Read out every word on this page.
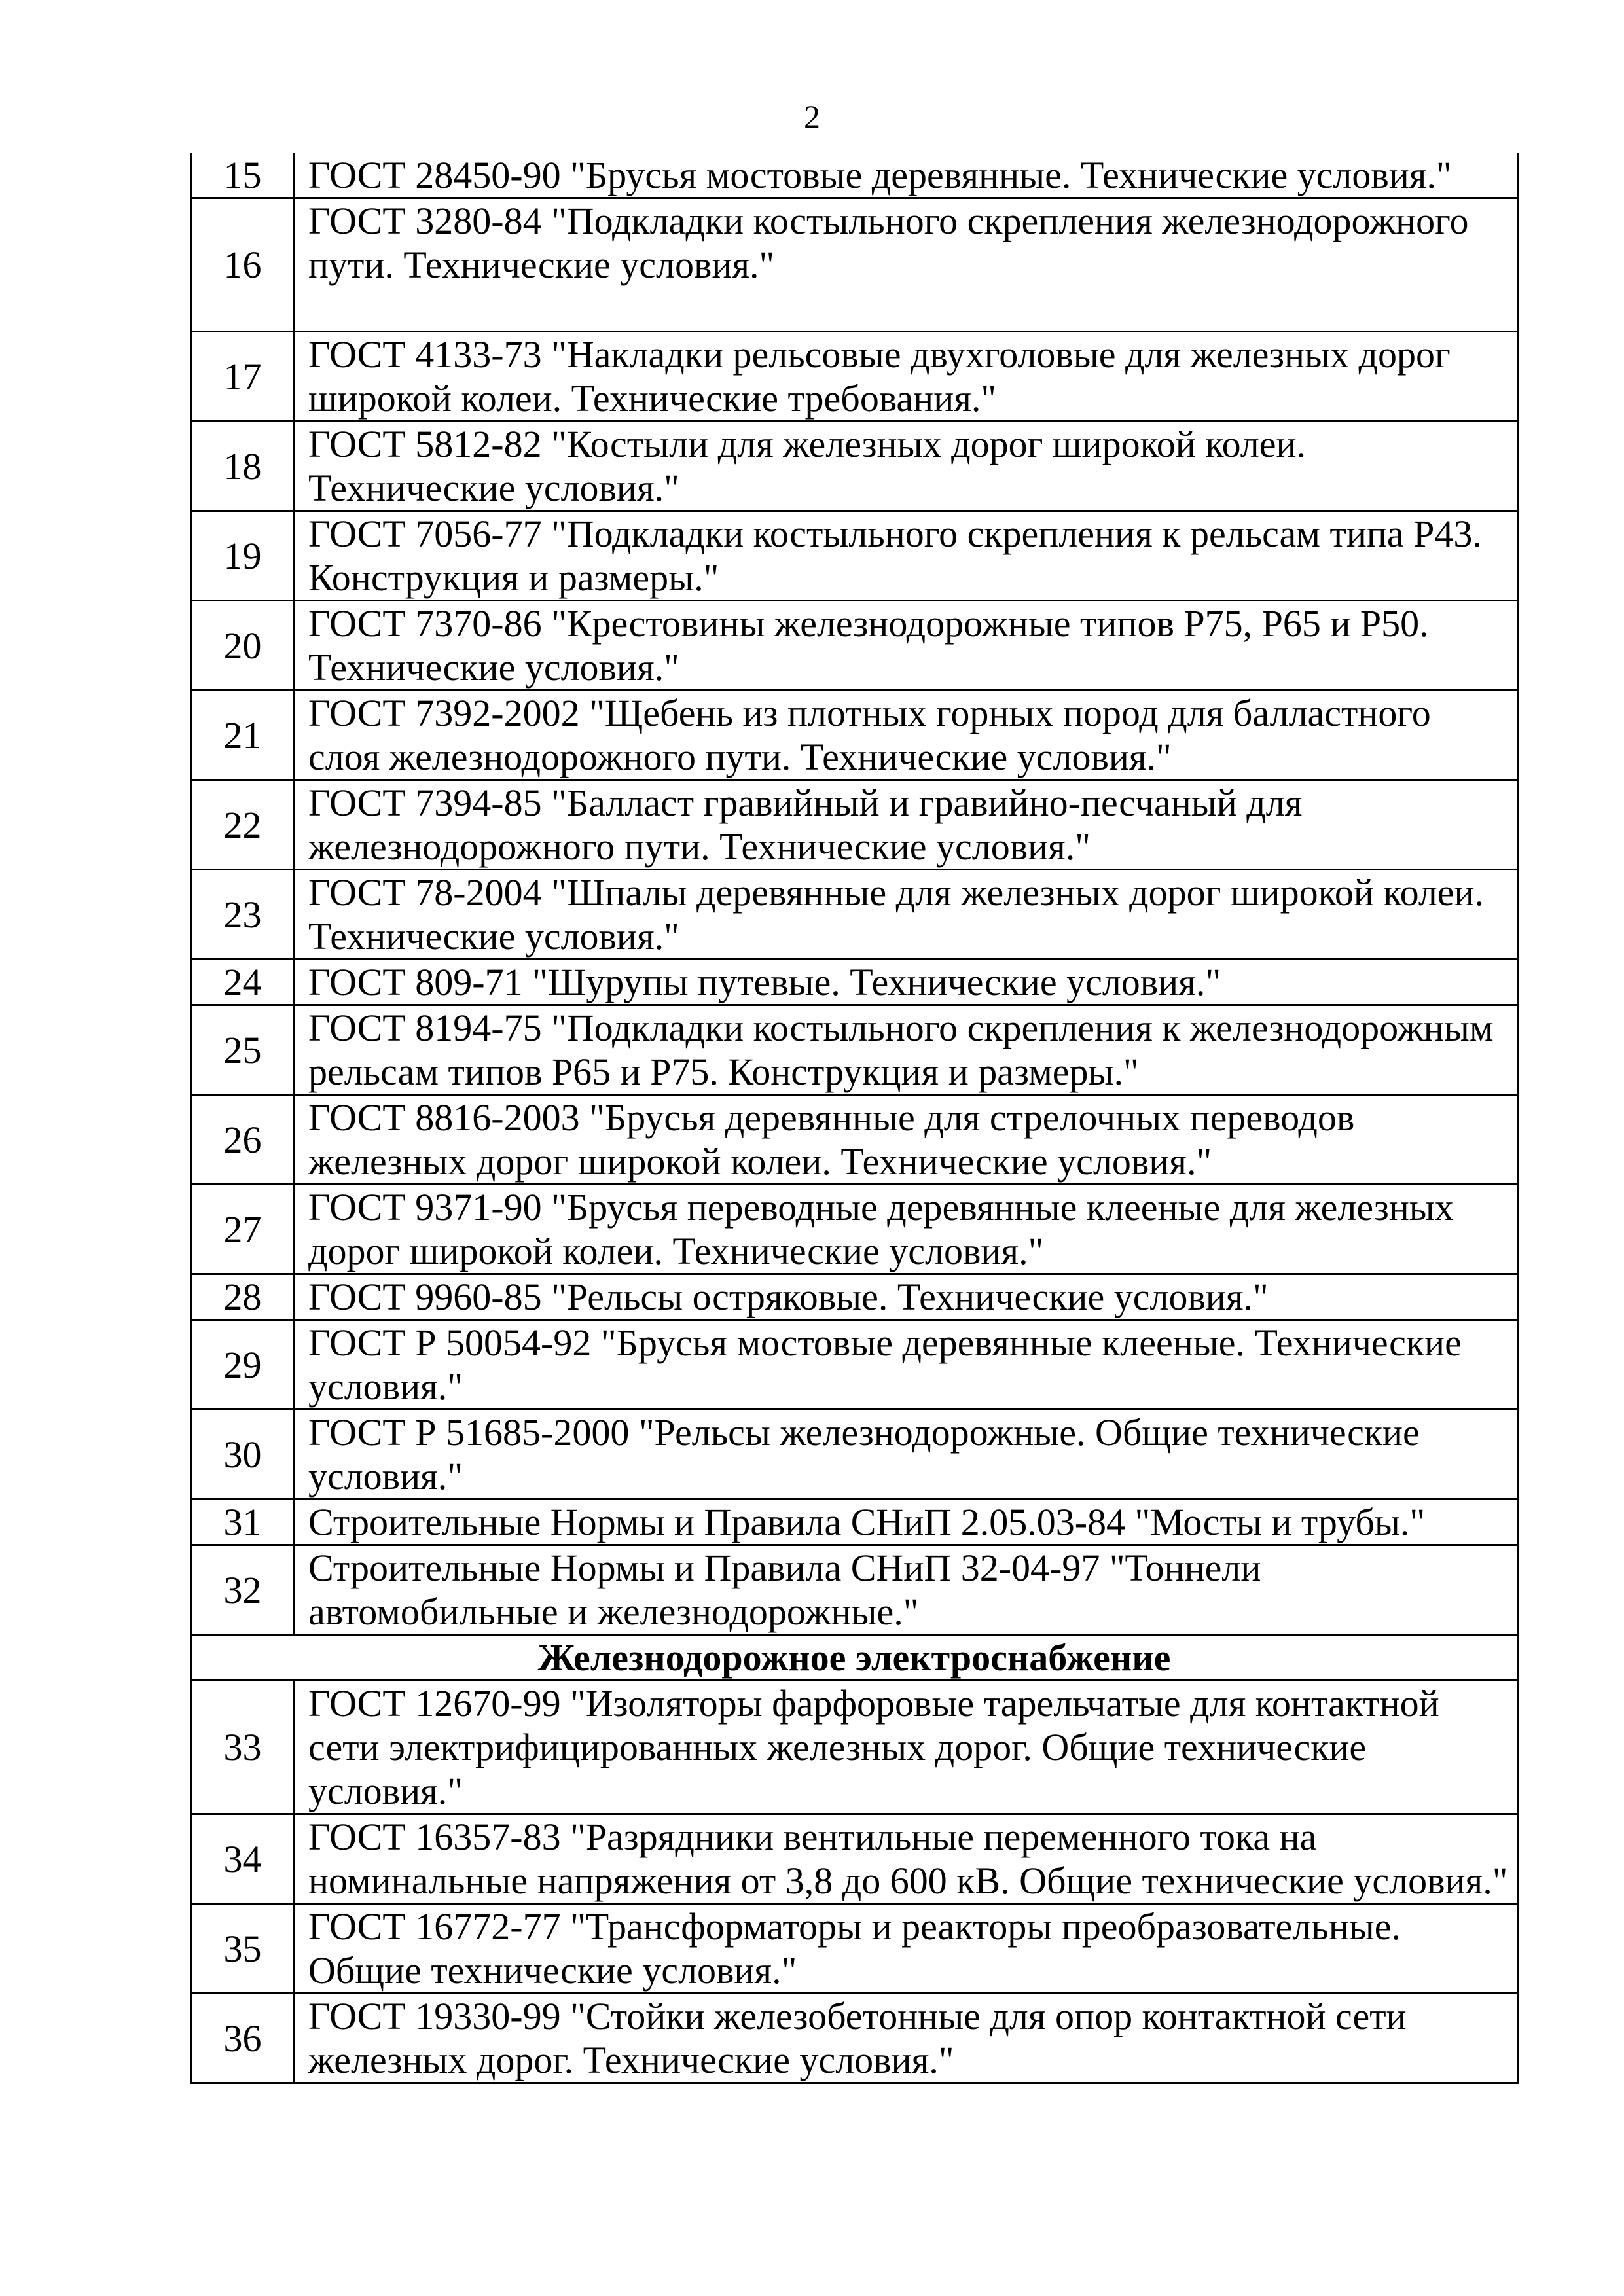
2
15	ГОСТ 28450-90 "Брусья мостовые деревянные. Технические условия."
16	ГОСТ 3280-84 "Подкладки костыльного скрепления железнодорожного пути. Технические условия."
17	ГОСТ 4133-73 "Накладки рельсовые двухголовые для железных дорог широкой колеи. Технические требования."
18	ГОСТ 5812-82 "Костыли для железных дорог широкой колеи. Технические условия."
19	ГОСТ 7056-77 "Подкладки костыльного скрепления к рельсам типа Р43. Конструкция и размеры."
20	ГОСТ 7370-86 "Крестовины железнодорожные типов Р75, Р65 и Р50. Технические условия."
21	ГОСТ 7392-2002 "Щебень из плотных горных пород для балластного слоя железнодорожного пути. Технические условия."
22	ГОСТ 7394-85 "Балласт гравийный и гравийно-песчаный для железнодорожного пути. Технические условия."
23	ГОСТ 78-2004 "Шпалы деревянные для железных дорог широкой колеи. Технические условия."
24	ГОСТ 809-71 "Шурупы путевые. Технические условия."
25	ГОСТ 8194-75 "Подкладки костыльного скрепления к железнодорожным рельсам типов Р65 и Р75. Конструкция и размеры."
26	ГОСТ 8816-2003 "Брусья деревянные для стрелочных переводов железных дорог широкой колеи. Технические условия."
27	ГОСТ 9371-90 "Брусья переводные деревянные клееные для железных дорог широкой колеи. Технические условия."
28	ГОСТ 9960-85 "Рельсы остряковые. Технические условия."
29	ГОСТ Р 50054-92 "Брусья мостовые деревянные клееные. Технические условия."
30	ГОСТ Р 51685-2000 "Рельсы железнодорожные. Общие технические условия."
31	Строительные Нормы и Правила СНиП 2.05.03-84 "Мосты и трубы."
32	Строительные Нормы и Правила СНиП 32-04-97 "Тоннели автомобильные и железнодорожные."
Железнодорожное электроснабжение	
33	ГОСТ 12670-99 "Изоляторы фарфоровые тарельчатые для контактной сети электрифицированных железных дорог. Общие технические условия."
34	ГОСТ 16357-83 "Разрядники вентильные переменного тока на номинальные напряжения от 3,8 до 600 кВ. Общие технические условия."
35	ГОСТ 16772-77 "Трансформаторы и реакторы преобразовательные. Общие технические условия."
36	ГОСТ 19330-99 "Стойки железобетонные для опор контактной сети железных дорог. Технические условия."
